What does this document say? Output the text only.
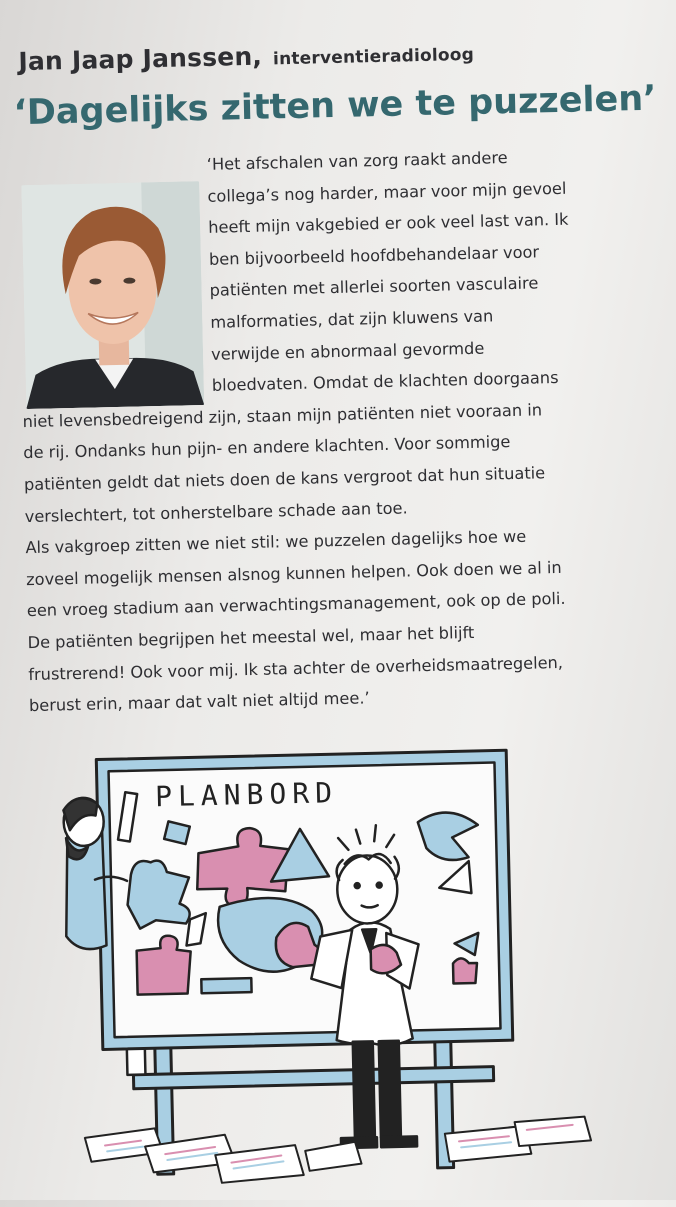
Jan Jaap Janssen, interventieradioloog
‘Dagelijks zitten we te puzzelen’
‘Het afschalen van zorg raakt andere
collega’s nog harder, maar voor mijn gevoel
heeft mijn vakgebied er ook veel last van. Ik
ben bijvoorbeeld hoofdbehandelaar voor
patiënten met allerlei soorten vasculaire
malformaties, dat zijn kluwens van
verwijde en abnormaal gevormde
bloedvaten. Omdat de klachten doorgaans
niet levensbedreigend zijn, staan mijn patiënten niet vooraan in
de rij. Ondanks hun pijn- en andere klachten. Voor sommige
patiënten geldt dat niets doen de kans vergroot dat hun situatie
verslechtert, tot onherstelbare schade aan toe.
Als vakgroep zitten we niet stil: we puzzelen dagelijks hoe we
zoveel mogelijk mensen alsnog kunnen helpen. Ook doen we al in
een vroeg stadium aan verwachtingsmanagement, ook op de poli.
De patiënten begrijpen het meestal wel, maar het blijft
frustrerend! Ook voor mij. Ik sta achter de overheidsmaatregelen,
berust erin, maar dat valt niet altijd mee.’
PLANBORD
